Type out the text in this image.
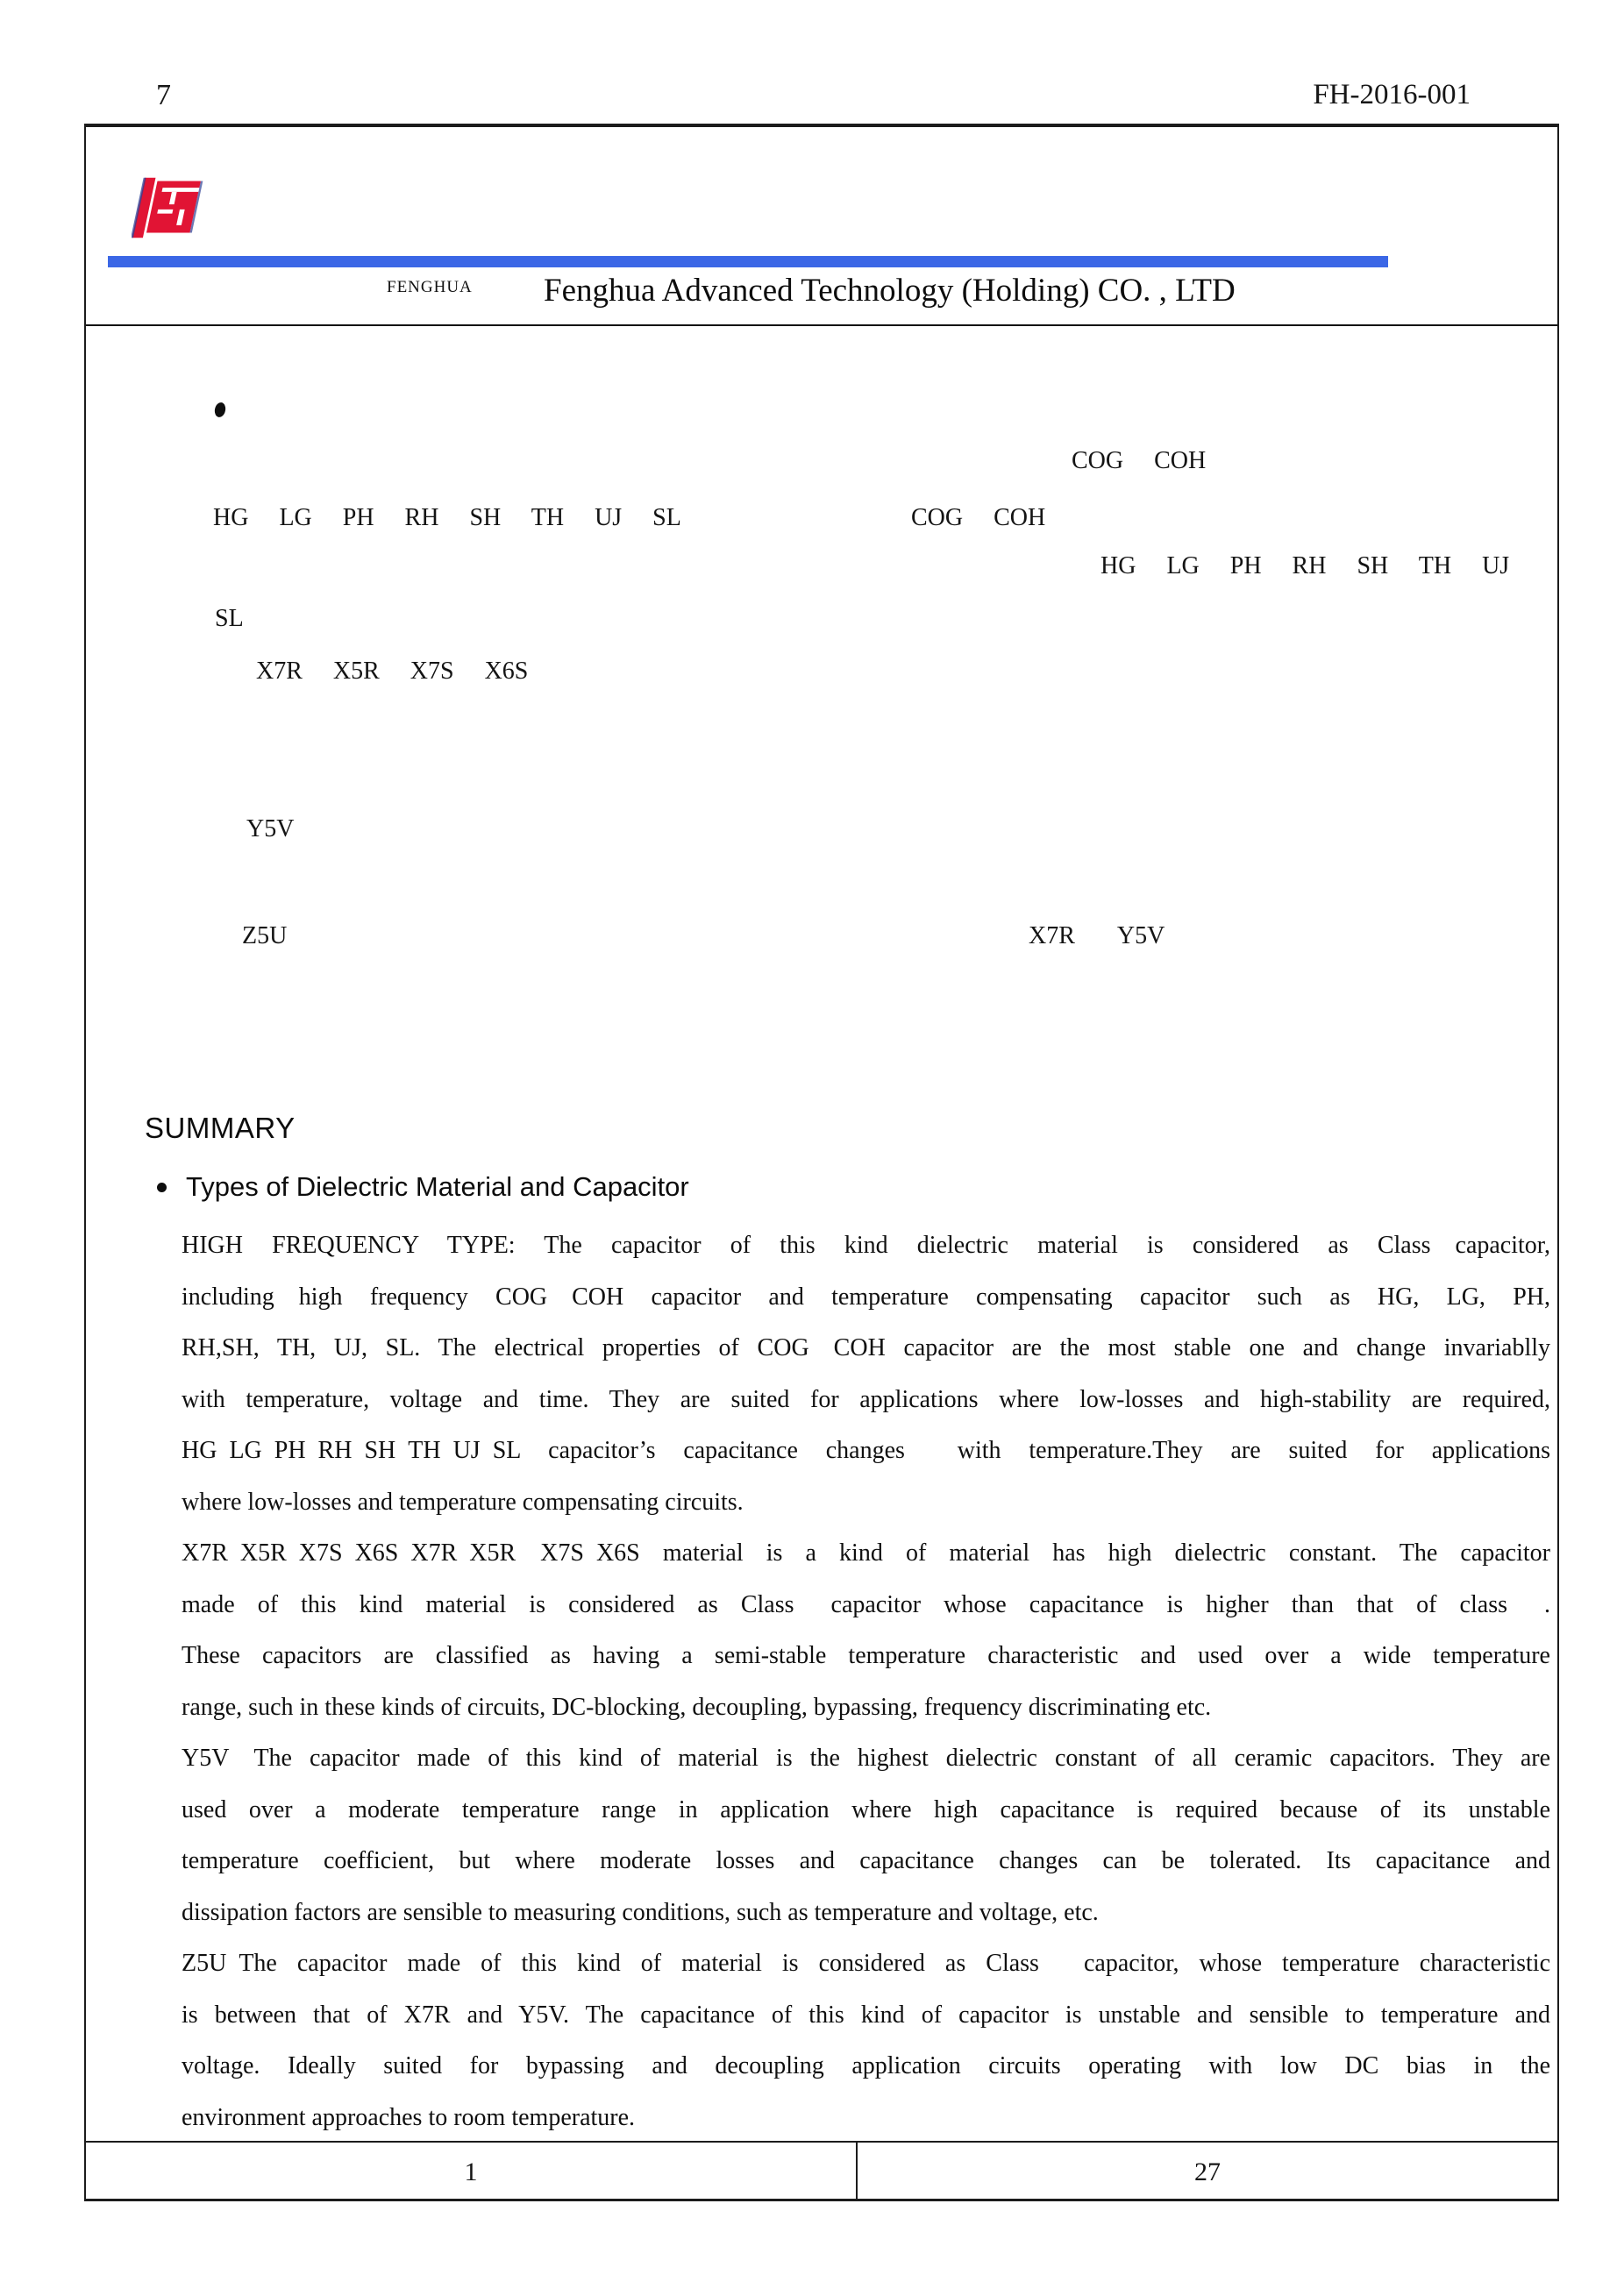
7	FH-2016-001
FENGHUA Fenghua Advanced Technology (Holding) CO. , LTD
COG  COH
HG  LG  PH  RH  SH  TH  UJ  SL	COG  COH
HG  LG  PH  RH  SH  TH  UJ
SL
X7R  X5R  X7S  X6S
Y5V
Z5U	X7R   Y5V
SUMMARY
Types of Dielectric Material and Capacitor
HIGH FREQUENCY TYPE: The capacitor of this kind dielectric material is considered as Class capacitor,
including high frequency COG COH capacitor and temperature compensating capacitor such as HG, LG, PH,
RH,SH, TH, UJ, SL. The electrical properties of COG COH capacitor are the most stable one and change invariablly
with temperature, voltage and time. They are suited for applications where low-losses and high-stability are required,
HG LG PH RH SH TH UJ SL capacitor’s capacitance changes  with temperature.They are suited for applications
where low-losses and temperature compensating circuits.
X7R X5R X7S X6S X7R X5R X7S X6S material is a kind of material has high dielectric constant. The capacitor
made of this kind material is considered as Class  capacitor whose capacitance is higher than that of class  .
These capacitors are classified as having a semi-stable temperature characteristic and used over a wide temperature
range, such in these kinds of circuits, DC-blocking, decoupling, bypassing, frequency discriminating etc.
Y5V The capacitor made of this kind of material is the highest dielectric constant of all ceramic capacitors. They are
used over a moderate temperature range in application where high capacitance is required because of its unstable
temperature coefficient, but where moderate losses and capacitance changes can be tolerated. Its capacitance and
dissipation factors are sensible to measuring conditions, such as temperature and voltage, etc.
Z5U The capacitor made of this kind of material is considered as Class  capacitor, whose temperature characteristic
is between that of X7R and Y5V. The capacitance of this kind of capacitor is unstable and sensible to temperature and
voltage. Ideally suited for bypassing and decoupling application circuits operating with low DC bias in the
environment approaches to room temperature.
1	27
